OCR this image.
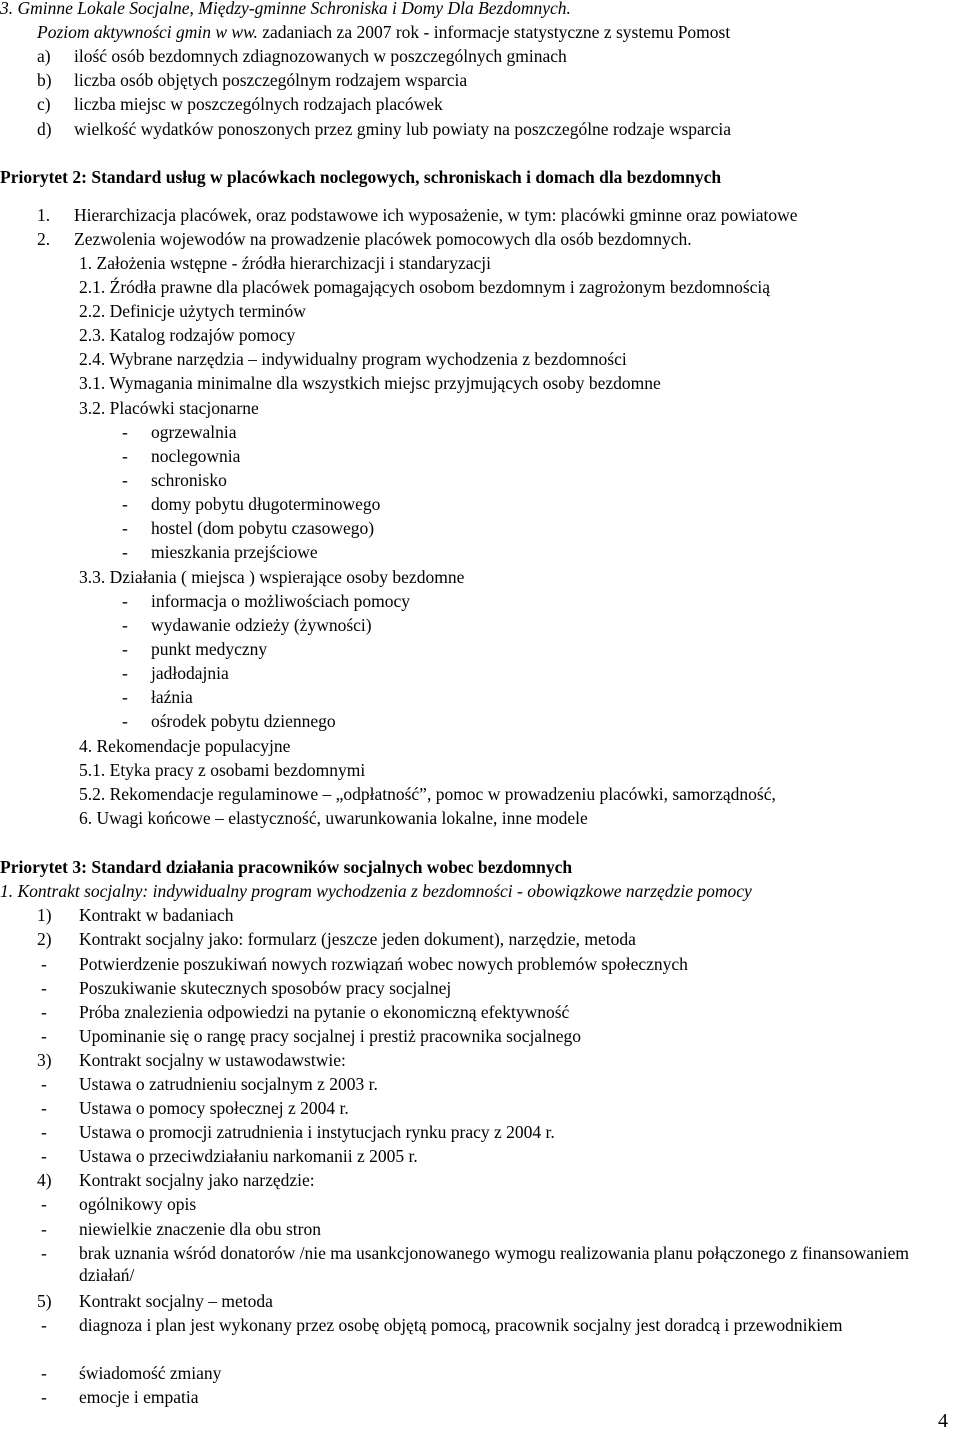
3. Gminne Lokale Socjalne, Między-gminne Schroniska i Domy Dla Bezdomnych.
Poziom aktywności gmin w ww. zadaniach za 2007 rok - informacje statystyczne z systemu Pomost
a) ilość osób bezdomnych zdiagnozowanych w poszczególnych gminach
b) liczba osób objętych poszczególnym rodzajem wsparcia
c) liczba miejsc w poszczególnych rodzajach placówek
d) wielkość wydatków ponoszonych przez gminy lub powiaty na poszczególne rodzaje wsparcia
Priorytet 2: Standard usług w placówkach noclegowych, schroniskach i domach dla bezdomnych
1. Hierarchizacja placówek, oraz podstawowe ich wyposażenie, w tym: placówki gminne oraz powiatowe
2. Zezwolenia wojewodów na prowadzenie placówek pomocowych dla osób bezdomnych.
1. Założenia wstępne - źródła hierarchizacji i standaryzacji
2.1. Źródła prawne dla placówek pomagających osobom bezdomnym i zagrożonym bezdomnością
2.2. Definicje użytych terminów
2.3. Katalog rodzajów pomocy
2.4. Wybrane narzędzia – indywidualny program wychodzenia z bezdomności
3.1. Wymagania minimalne dla wszystkich miejsc przyjmujących osoby bezdomne
3.2. Placówki stacjonarne
- ogrzewalnia
- noclegownia
- schronisko
- domy pobytu długoterminowego
- hostel (dom pobytu czasowego)
- mieszkania przejściowe
3.3. Działania ( miejsca ) wspierające osoby bezdomne
- informacja o możliwościach pomocy
- wydawanie odzieży (żywności)
- punkt medyczny
- jadłodajnia
- łaźnia
- ośrodek pobytu dziennego
4. Rekomendacje populacyjne
5.1. Etyka pracy z osobami bezdomnymi
5.2. Rekomendacje regulaminowe – „odpłatność”, pomoc w prowadzeniu placówki, samorządność,
6. Uwagi końcowe – elastyczność, uwarunkowania lokalne, inne modele
Priorytet 3: Standard działania pracowników socjalnych wobec bezdomnych
1. Kontrakt socjalny: indywidualny program wychodzenia z bezdomności - obowiązkowe narzędzie pomocy
1) Kontrakt w badaniach
2) Kontrakt socjalny jako: formularz (jeszcze jeden dokument), narzędzie, metoda
- Potwierdzenie poszukiwań nowych rozwiązań wobec nowych problemów społecznych
- Poszukiwanie skutecznych sposobów pracy socjalnej
- Próba znalezienia odpowiedzi na pytanie o ekonomiczną efektywność
- Upominanie się o rangę pracy socjalnej i prestiż pracownika socjalnego
3) Kontrakt socjalny w ustawodawstwie:
- Ustawa o zatrudnieniu socjalnym z 2003 r.
- Ustawa o pomocy społecznej z 2004 r.
- Ustawa o promocji zatrudnienia i instytucjach rynku pracy z 2004 r.
- Ustawa o przeciwdziałaniu narkomanii z 2005 r.
4) Kontrakt socjalny jako narzędzie:
- ogólnikowy opis
- niewielkie znaczenie dla obu stron
- brak uznania wśród donatorów /nie ma usankcjonowanego wymogu realizowania planu połączonego z finansowaniem działań/
5) Kontrakt socjalny – metoda
- diagnoza i plan jest wykonany przez osobę objętą pomocą, pracownik socjalny jest doradcą i przewodnikiem
- świadomość zmiany
- emocje i empatia
4
